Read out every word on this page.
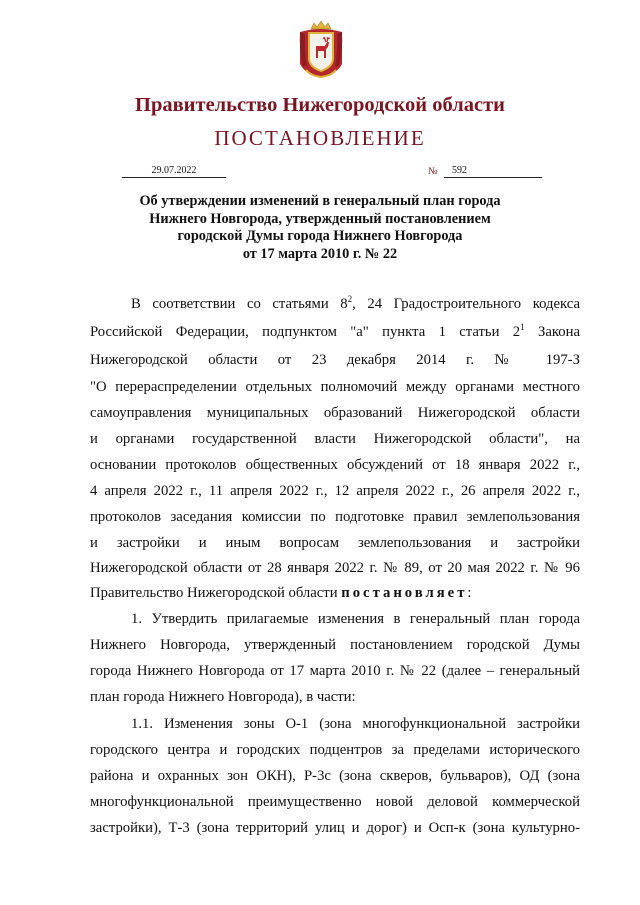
Правительство Нижегородской области
ПОСТАНОВЛЕНИЕ
29.07.2022	№	592
Об утверждении изменений в генеральный план города
Нижнего Новгорода, утвержденный постановлением
городской Думы города Нижнего Новгорода
от 17 марта 2010 г. № 22
В соответствии со статьями $8^2$, 24 Градостроительного кодекса
Российской Федерации, подпунктом "а" пункта 1 статьи $2^1$ Закона
Нижегородской области от 23 декабря 2014 г. № 197-З
"О перераспределении отдельных полномочий между органами местного
самоуправления муниципальных образований Нижегородской области
и органами государственной власти Нижегородской области", на
основании протоколов общественных обсуждений от 18 января 2022 г.,
4 апреля 2022 г., 11 апреля 2022 г., 12 апреля 2022 г., 26 апреля 2022 г.,
протоколов заседания комиссии по подготовке правил землепользования
и застройки и иным вопросам землепользования и застройки
Нижегородской области от 28 января 2022 г. № 89, от 20 мая 2022 г. № 96
Правительство Нижегородской области постановляет:
1. Утвердить прилагаемые изменения в генеральный план города
Нижнего Новгорода, утвержденный постановлением городской Думы
города Нижнего Новгорода от 17 марта 2010 г. № 22 (далее – генеральный
план города Нижнего Новгорода), в части:
1.1. Изменения зоны О-1 (зона многофункциональной застройки
городского центра и городских подцентров за пределами исторического
района и охранных зон ОКН), Р-3с (зона скверов, бульваров), ОД (зона
многофункциональной преимущественно новой деловой коммерческой
застройки), Т-3 (зона территорий улиц и дорог) и Осп-к (зона культурно-
